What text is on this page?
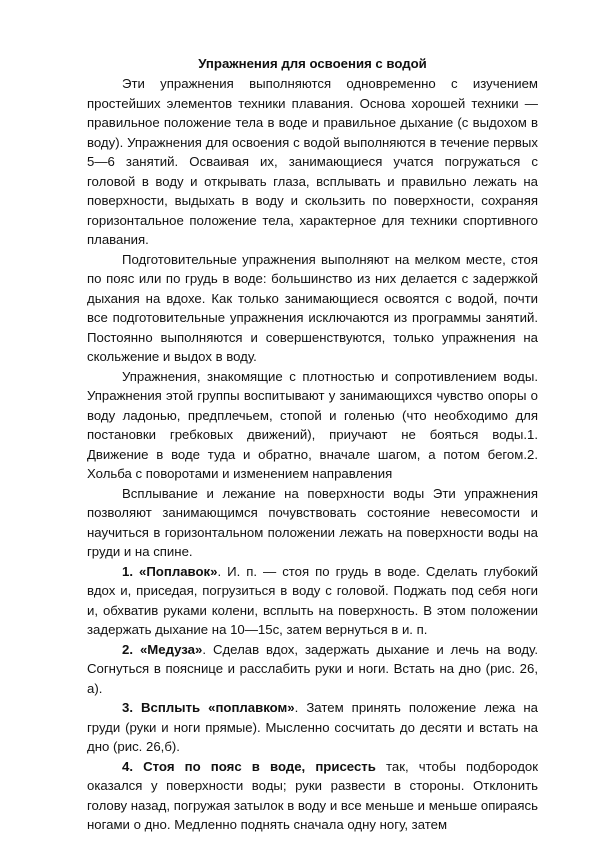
Упражнения для освоения с водой

Эти упражнения выполняются одновременно с изучением простейших элементов техники плавания. Основа хорошей техники — правильное положение тела в воде и правильное дыхание (с выдохом в воду). Упражнения для освоения с водой выполняются в течение первых 5—6 занятий. Осваивая их, занимающиеся учатся погружаться с головой в воду и открывать глаза, всплывать и правильно лежать на поверхности, выдыхать в воду и скользить по поверхности, сохраняя горизонтальное положение тела, характерное для техники спортивного плавания.

Подготовительные упражнения выполняют на мелком месте, стоя по пояс или по грудь в воде: большинство из них делается с задержкой дыхания на вдохе. Как только занимающиеся освоятся с водой, почти все подготовительные упражнения исключаются из программы занятий. Постоянно выполняются и совершенствуются, только упражнения на скольжение и выдох в воду.

Упражнения, знакомящие с плотностью и сопротивлением воды. Упражнения этой группы воспитывают у занимающихся чувство опоры о воду ладонью, предплечьем, стопой и голенью (что необходимо для постановки гребковых движений), приучают не бояться воды.1. Движение в воде туда и обратно, вначале шагом, а потом бегом.2. Хольба с поворотами и изменением направления

Всплывание и лежание на поверхности воды Эти упражнения позволяют занимающимся почувствовать состояние невесомости и научиться в горизонтальном положении лежать на поверхности воды на груди и на спине.

1. «Поплавок». И. п. — стоя по грудь в воде. Сделать глубокий вдох и, приседая, погрузиться в воду с головой. Поджать под себя ноги и, обхватив руками колени, всплыть на поверхность. В этом положении задержать дыхание на 10—15с, затем вернуться в и. п.

2. «Медуза». Сделав вдох, задержать дыхание и лечь на воду. Согнуться в пояснице и расслабить руки и ноги. Встать на дно (рис. 26, а).

3. Всплыть «поплавком». Затем принять положение лежа на груди (руки и ноги прямые). Мысленно сосчитать до десяти и встать на дно (рис. 26,б).

4. Стоя по пояс в воде, присесть так, чтобы подбородок оказался у поверхности воды; руки развести в стороны. Отклонить голову назад, погружая затылок в воду и все меньше и меньше опираясь ногами о дно. Медленно поднять сначала одну ногу, затем
